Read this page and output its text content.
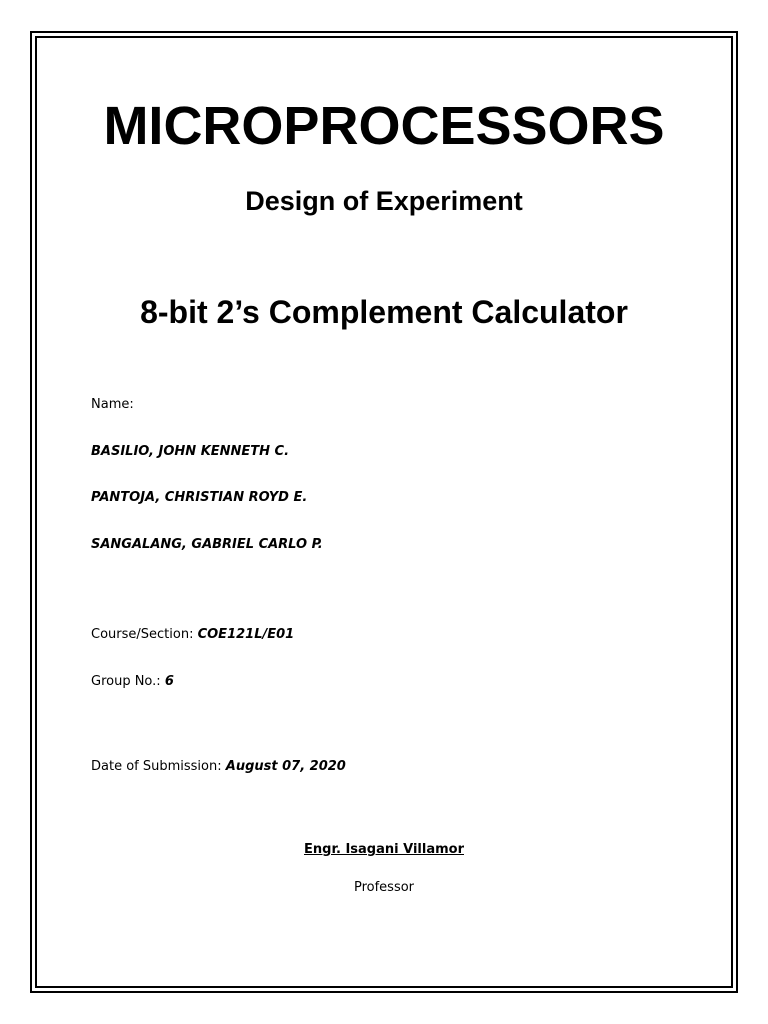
MICROPROCESSORS
Design of Experiment
8-bit 2’s Complement Calculator
Name:
BASILIO, JOHN KENNETH C.
PANTOJA, CHRISTIAN ROYD E.
SANGALANG, GABRIEL CARLO P.
Course/Section: COE121L/E01
Group No.: 6
Date of Submission: August 07, 2020
Engr. Isagani Villamor
Professor
